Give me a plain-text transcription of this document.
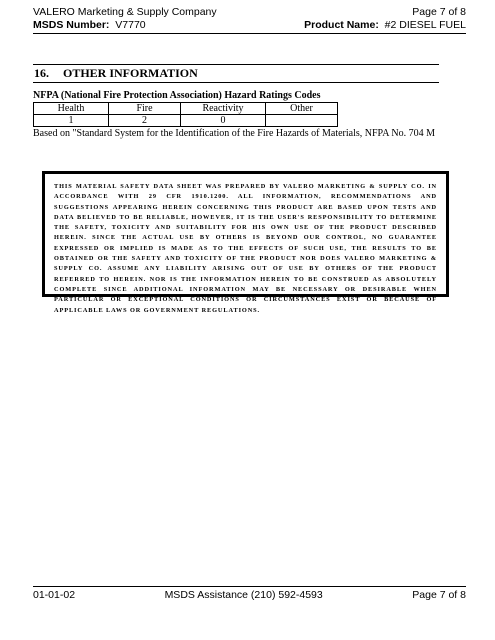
VALERO Marketing & Supply Company	Page 7 of 8
MSDS Number: V7770	Product Name: #2 DIESEL FUEL
16. OTHER INFORMATION
NFPA (National Fire Protection Association) Hazard Ratings Codes
Health	Fire	Reactivity	Other
1	2	0	
Based on "Standard System for the Identification of the Fire Hazards of Materials, NFPA No. 704 M

THIS MATERIAL SAFETY DATA SHEET WAS PREPARED BY VALERO MARKETING & SUPPLY CO. IN ACCORDANCE WITH 29 CFR 1910.1200. ALL INFORMATION, RECOMMENDATIONS AND SUGGESTIONS APPEARING HEREIN CONCERNING THIS PRODUCT ARE BASED UPON TESTS AND DATA BELIEVED TO BE RELIABLE, HOWEVER, IT IS THE USER'S RESPONSIBILITY TO DETERMINE THE SAFETY, TOXICITY AND SUITABILITY FOR HIS OWN USE OF THE PRODUCT DESCRIBED HEREIN. SINCE THE ACTUAL USE BY OTHERS IS BEYOND OUR CONTROL, NO GUARANTEE EXPRESSED OR IMPLIED IS MADE AS TO THE EFFECTS OF SUCH USE, THE RESULTS TO BE OBTAINED OR THE SAFETY AND TOXICITY OF THE PRODUCT NOR DOES VALERO MARKETING & SUPPLY CO. ASSUME ANY LIABILITY ARISING OUT OF USE BY OTHERS OF THE PRODUCT REFERRED TO HEREIN. NOR IS THE INFORMATION HEREIN TO BE CONSTRUED AS ABSOLUTELY COMPLETE SINCE ADDITIONAL INFORMATION MAY BE NECESSARY OR DESIRABLE WHEN PARTICULAR OR EXCEPTIONAL CONDITIONS OR CIRCUMSTANCES EXIST OR BECAUSE OF APPLICABLE LAWS OR GOVERNMENT REGULATIONS.

01-01-02	MSDS Assistance (210) 592-4593	Page 7 of 8
